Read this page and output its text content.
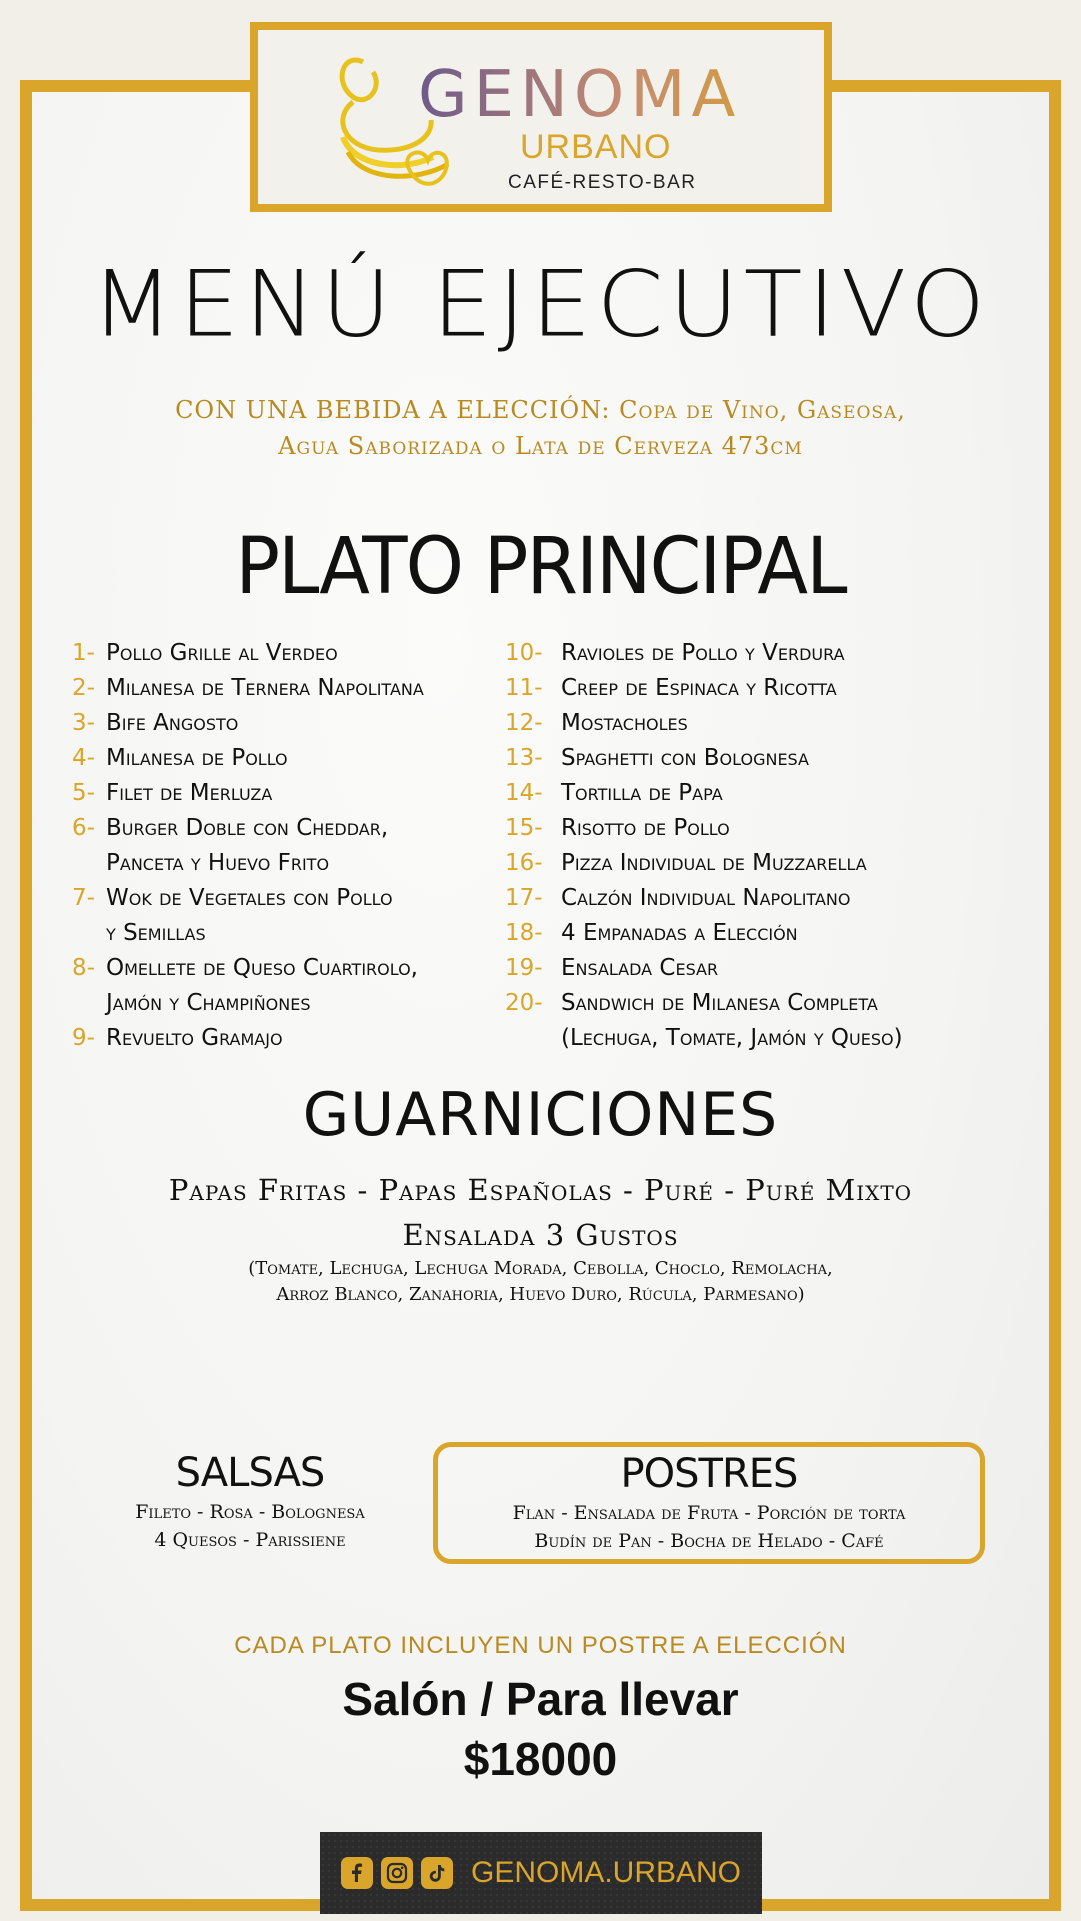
GENOMA
URBANO
CAFÉ-RESTO-BAR
MENÚ EJECUTIVO
CON UNA BEBIDA A ELECCIÓN: Copa de Vino, Gaseosa,
Agua Saborizada o Lata de Cerveza 473cm
PLATO PRINCIPAL
1- Pollo Grille al Verdeo
2- Milanesa de Ternera Napolitana
3- Bife Angosto
4- Milanesa de Pollo
5- Filet de Merluza
6- Burger Doble con Cheddar,
Panceta y Huevo Frito
7- Wok de Vegetales con Pollo
y Semillas
8- Omellete de Queso Cuartirolo,
Jamón y Champiñones
9- Revuelto Gramajo
10- Ravioles de Pollo y Verdura
11- Creep de Espinaca y Ricotta
12- Mostacholes
13- Spaghetti con Bolognesa
14- Tortilla de Papa
15- Risotto de Pollo
16- Pizza Individual de Muzzarella
17- Calzón Individual Napolitano
18- 4 Empanadas a Elección
19- Ensalada Cesar
20- Sandwich de Milanesa Completa
(Lechuga, Tomate, Jamón y Queso)
GUARNICIONES
Papas Fritas - Papas Españolas - Puré - Puré Mixto
Ensalada 3 Gustos
(Tomate, Lechuga, Lechuga Morada, Cebolla, Choclo, Remolacha,
Arroz Blanco, Zanahoria, Huevo Duro, Rúcula, Parmesano)
SALSAS
Fileto - Rosa - Bolognesa
4 Quesos - Parissiene
POSTRES
Flan - Ensalada de Fruta - Porción de torta
Budín de Pan - Bocha de Helado - Café
CADA PLATO INCLUYEN UN POSTRE A ELECCIÓN
Salón / Para llevar
$18000
GENOMA.URBANO
